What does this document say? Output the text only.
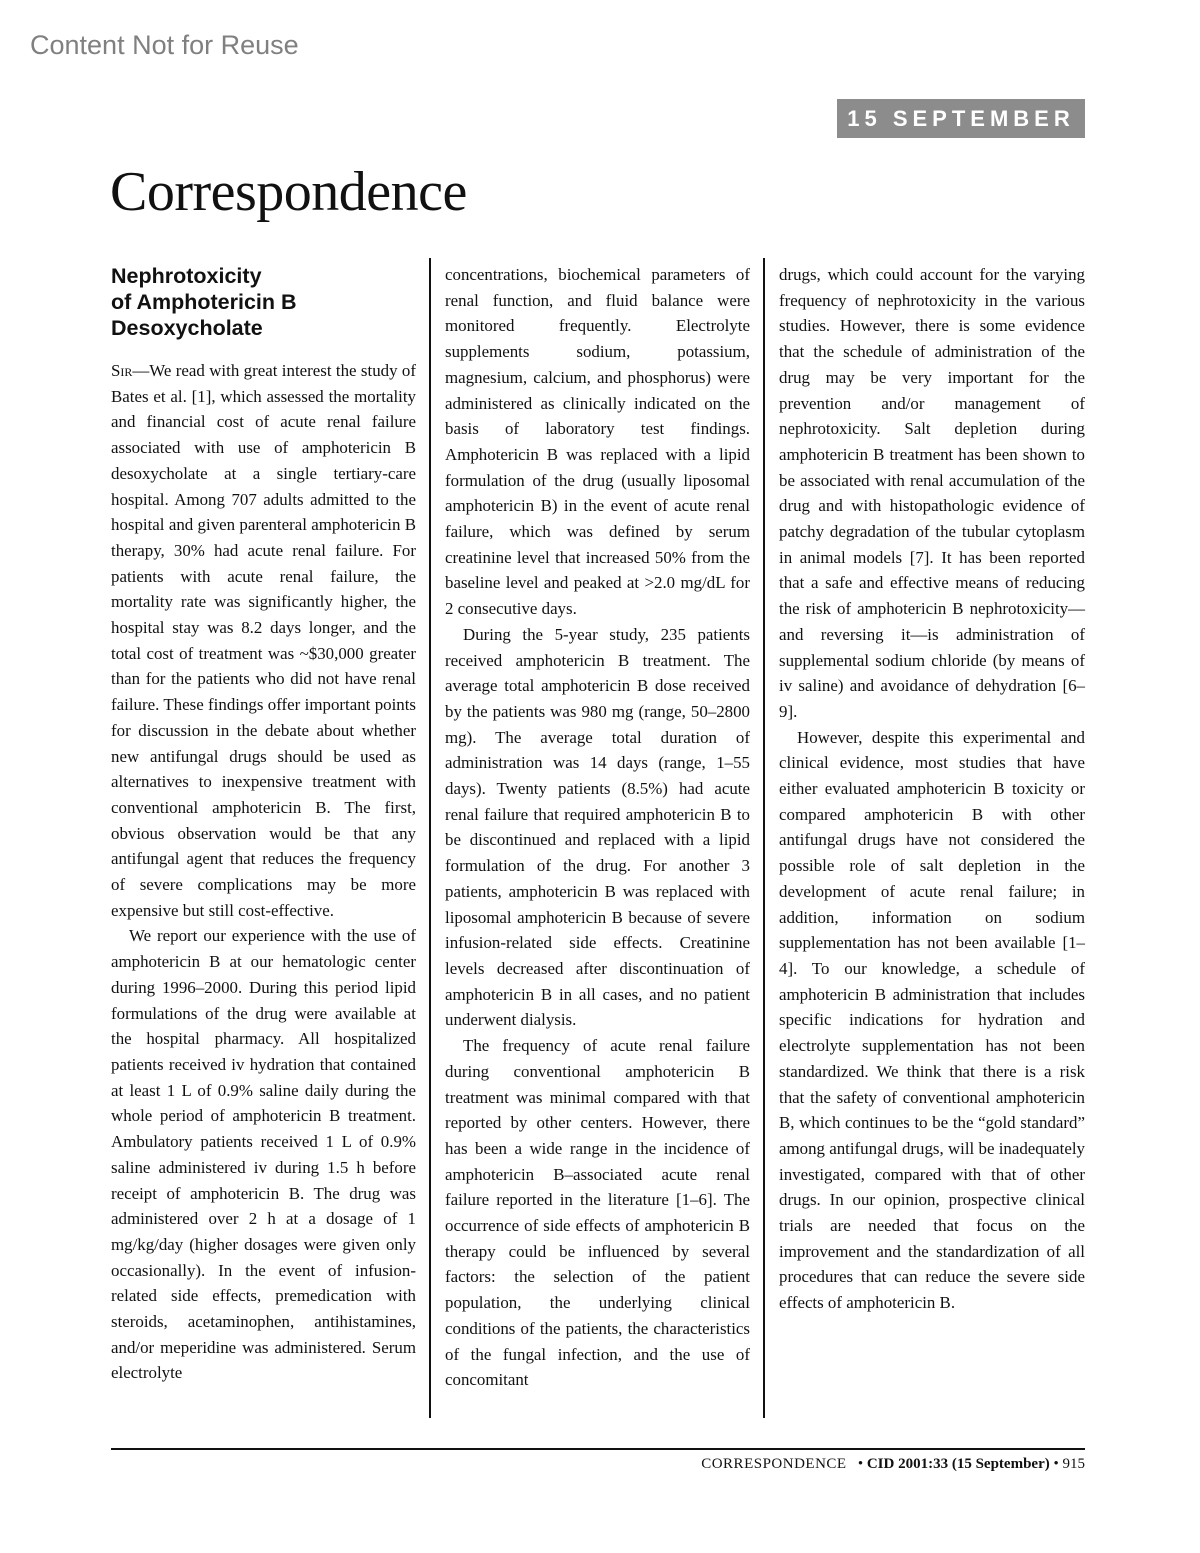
Content Not for Reuse
15 SEPTEMBER
Correspondence
Nephrotoxicity
of Amphotericin B
Desoxycholate

Sir—We read with great interest the study of Bates et al. [1], which assessed the mortality and financial cost of acute renal failure associated with use of amphotericin B desoxycholate at a single tertiary-care hospital. Among 707 adults admitted to the hospital and given parenteral amphotericin B therapy, 30% had acute renal failure. For patients with acute renal failure, the mortality rate was significantly higher, the hospital stay was 8.2 days longer, and the total cost of treatment was ~$30,000 greater than for the patients who did not have renal failure. These findings offer important points for discussion in the debate about whether new antifungal drugs should be used as alternatives to inexpensive treatment with conventional amphotericin B. The first, obvious observation would be that any antifungal agent that reduces the frequency of severe complications may be more expensive but still cost-effective.

We report our experience with the use of amphotericin B at our hematologic center during 1996–2000. During this period lipid formulations of the drug were available at the hospital pharmacy. All hospitalized patients received iv hydration that contained at least 1 L of 0.9% saline daily during the whole period of amphotericin B treatment. Ambulatory patients received 1 L of 0.9% saline administered iv during 1.5 h before receipt of amphotericin B. The drug was administered over 2 h at a dosage of 1 mg/kg/day (higher dosages were given only occasionally). In the event of infusion-related side effects, premedication with steroids, acetaminophen, antihistamines, and/or meperidine was administered. Serum electrolyte

concentrations, biochemical parameters of renal function, and fluid balance were monitored frequently. Electrolyte supplements sodium, potassium, magnesium, calcium, and phosphorus) were administered as clinically indicated on the basis of laboratory test findings. Amphotericin B was replaced with a lipid formulation of the drug (usually liposomal amphotericin B) in the event of acute renal failure, which was defined by serum creatinine level that increased 50% from the baseline level and peaked at >2.0 mg/dL for 2 consecutive days.

During the 5-year study, 235 patients received amphotericin B treatment. The average total amphotericin B dose received by the patients was 980 mg (range, 50–2800 mg). The average total duration of administration was 14 days (range, 1–55 days). Twenty patients (8.5%) had acute renal failure that required amphotericin B to be discontinued and replaced with a lipid formulation of the drug. For another 3 patients, amphotericin B was replaced with liposomal amphotericin B because of severe infusion-related side effects. Creatinine levels decreased after discontinuation of amphotericin B in all cases, and no patient underwent dialysis.

The frequency of acute renal failure during conventional amphotericin B treatment was minimal compared with that reported by other centers. However, there has been a wide range in the incidence of amphotericin B–associated acute renal failure reported in the literature [1–6]. The occurrence of side effects of amphotericin B therapy could be influenced by several factors: the selection of the patient population, the underlying clinical conditions of the patients, the characteristics of the fungal infection, and the use of concomitant

drugs, which could account for the varying frequency of nephrotoxicity in the various studies. However, there is some evidence that the schedule of administration of the drug may be very important for the prevention and/or management of nephrotoxicity. Salt depletion during amphotericin B treatment has been shown to be associated with renal accumulation of the drug and with histopathologic evidence of patchy degradation of the tubular cytoplasm in animal models [7]. It has been reported that a safe and effective means of reducing the risk of amphotericin B nephrotoxicity—and reversing it—is administration of supplemental sodium chloride (by means of iv saline) and avoidance of dehydration [6–9].

However, despite this experimental and clinical evidence, most studies that have either evaluated amphotericin B toxicity or compared amphotericin B with other antifungal drugs have not considered the possible role of salt depletion in the development of acute renal failure; in addition, information on sodium supplementation has not been available [1–4]. To our knowledge, a schedule of amphotericin B administration that includes specific indications for hydration and electrolyte supplementation has not been standardized. We think that there is a risk that the safety of conventional amphotericin B, which continues to be the “gold standard” among antifungal drugs, will be inadequately investigated, compared with that of other drugs. In our opinion, prospective clinical trials are needed that focus on the improvement and the standardization of all procedures that can reduce the severe side effects of amphotericin B.

CORRESPONDENCE • CID 2001:33 (15 September) • 915
